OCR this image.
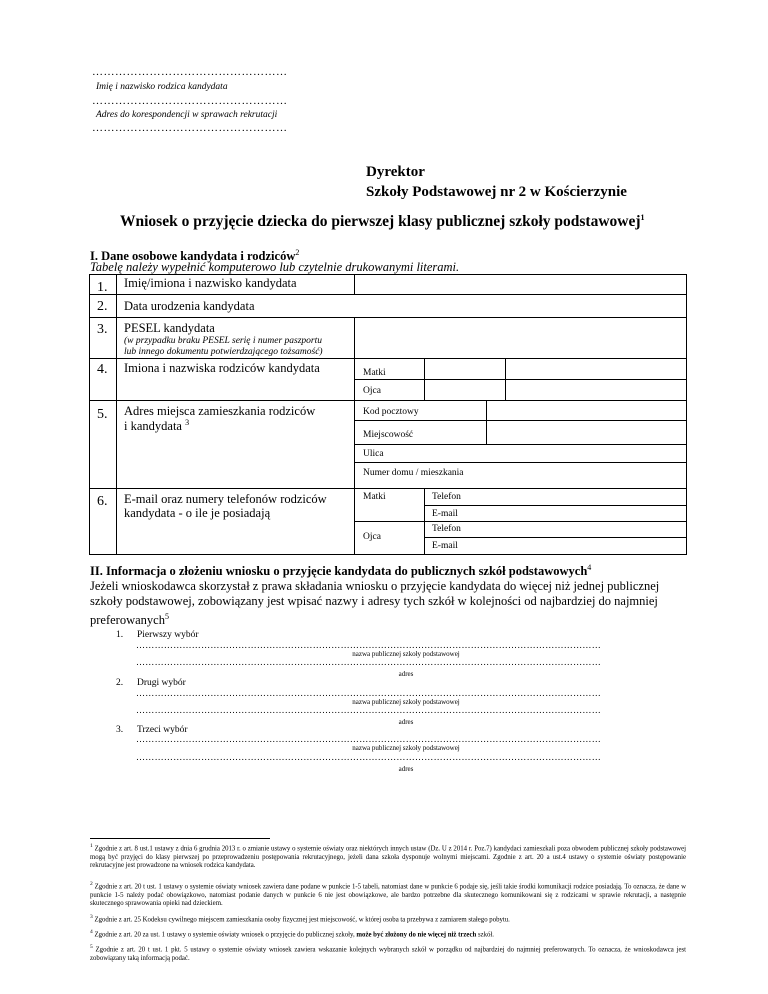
……………………………………………
Imię i nazwisko rodzica kandydata
……………………………………………
Adres do korespondencji w sprawach rekrutacji
……………………………………………
Dyrektor
Szkoły Podstawowej nr 2 w Kościerzynie
Wniosek o przyjęcie dziecka do pierwszej klasy publicznej szkoły podstawowej$^1$
I. Dane osobowe kandydata i rodziców$^2$
Tabelę należy wypełnić komputerowo lub czytelnie drukowanymi literami.
1. Imię/imiona i nazwisko kandydata
2. Data urodzenia kandydata
3. PESEL kandydata
(w przypadku braku PESEL serię i numer paszportu
lub innego dokumentu potwierdzającego tożsamość)
4. Imiona i nazwiska rodziców kandydata	Matki
Ojca
5. Adres miejsca zamieszkania rodziców
i kandydata $^3$
Kod pocztowy
Miejscowość
Ulica
Numer domu / mieszkania
6. E-mail oraz numery telefonów rodziców
kandydata - o ile je posiadają
Matki	Telefon
E-mail
Ojca
Telefon
E-mail
II. Informacja o złożeniu wniosku o przyjęcie kandydata do publicznych szkół podstawowych$^4$
Jeżeli wnioskodawca skorzystał z prawa składania wniosku o przyjęcie kandydata do więcej niż jednej publicznej szkoły podstawowej, zobowiązany jest wpisać nazwy i adresy tych szkół w kolejności od najbardziej do najmniej preferowanych$^5$
1. Pierwszy wybór
……………………………………………………………………………………………………………………………………
nazwa publicznej szkoły podstawowej
……………………………………………………………………………………………………………………………………
adres
2. Drugi wybór
……………………………………………………………………………………………………………………………………
nazwa publicznej szkoły podstawowej
……………………………………………………………………………………………………………………………………
adres
3. Trzeci wybór
……………………………………………………………………………………………………………………………………
nazwa publicznej szkoły podstawowej
……………………………………………………………………………………………………………………………………
adres
$^1$ Zgodnie z art. 8 ust.1 ustawy z dnia 6 grudnia 2013 r. o zmianie ustawy o systemie oświaty oraz niektórych innych ustaw (Dz. U z 2014 r. Poz.7) kandydaci zamieszkali poza obwodem publicznej szkoły podstawowej mogą być przyjęci do klasy pierwszej po przeprowadzeniu postępowania rekrutacyjnego, jeżeli dana szkoła dysponuje wolnymi miejscami. Zgodnie z art. 20 a ust.4 ustawy o systemie oświaty postępowanie rekrutacyjne jest prowadzone na wniosek rodzica kandydata.
$^2$ Zgodnie z art. 20 t ust. 1 ustawy o systemie oświaty wniosek zawiera dane podane w punkcie 1-5 tabeli, natomiast dane w punkcie 6 podaje się, jeśli takie środki komunikacji rodzice posiadają. To oznacza, że dane w punkcie 1-5 należy podać obowiązkowo, natomiast podanie danych w punkcie 6 nie jest obowiązkowe, ale bardzo potrzebne dla skutecznego komunikowani się z rodzicami w sprawie rekrutacji, a następnie skutecznego sprawowania opieki nad dzieckiem.
$^3$ Zgodnie z art. 25 Kodeksu cywilnego miejscem zamieszkania osoby fizycznej jest miejscowość, w której osoba ta przebywa z zamiarem stałego pobytu.
$^4$ Zgodnie z art. 20 za ust. 1 ustawy o systemie oświaty wniosek o przyjęcie do publicznej szkoły, może być złożony do nie więcej niż trzech szkół.
$^5$ Zgodnie z art. 20 t ust. 1 pkt. 5 ustawy o systemie oświaty wniosek zawiera wskazanie kolejnych wybranych szkół w porządku od najbardziej do najmniej preferowanych. To oznacza, że wnioskodawca jest zobowiązany taką informacją podać.
